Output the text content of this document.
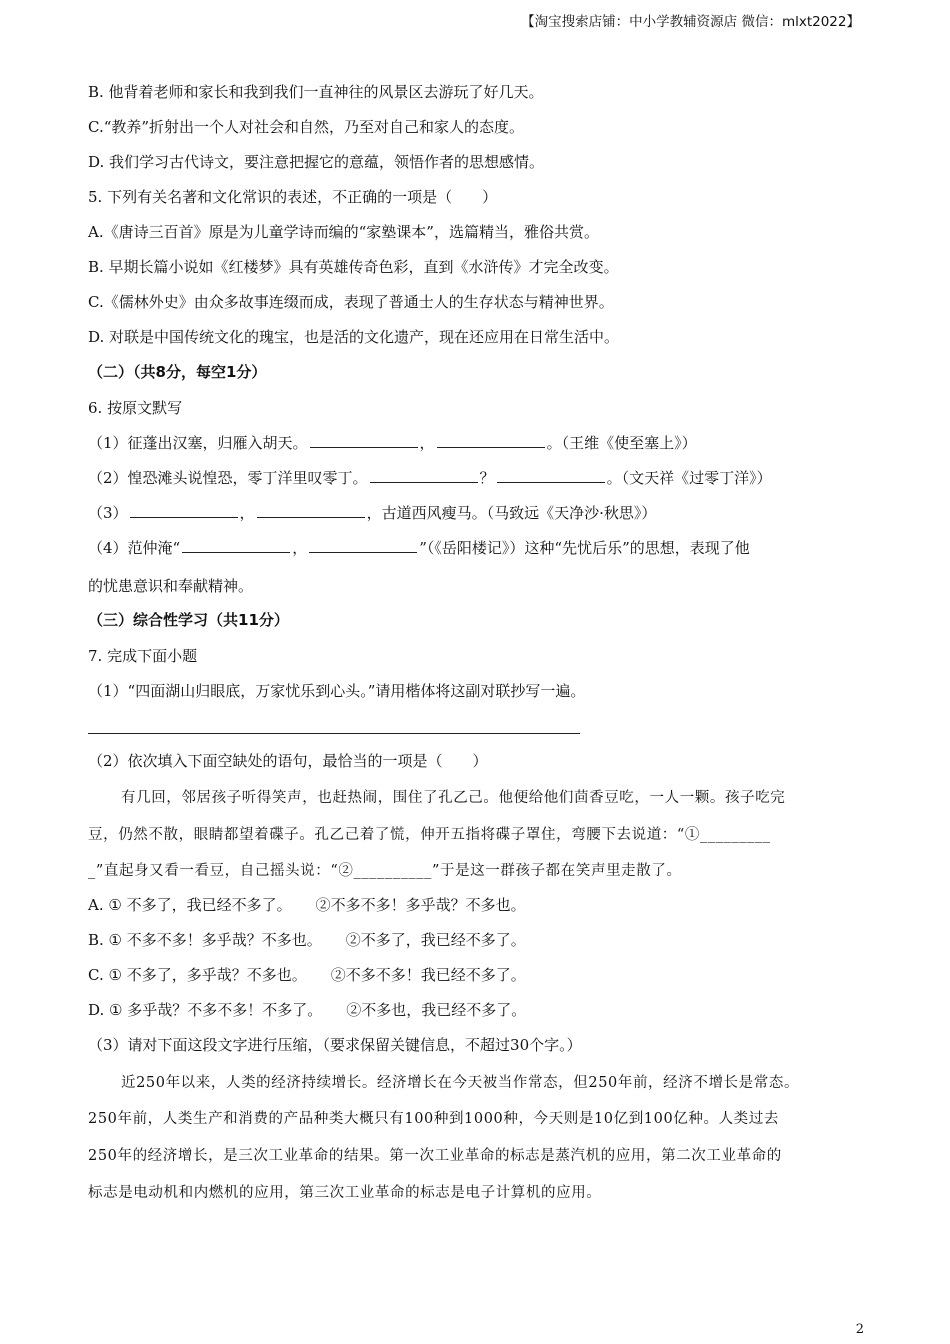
【淘宝搜索店铺：中小学教辅资源店 微信：mlxt2022】
B. 他背着老师和家长和我到我们一直神往的风景区去游玩了好几天。
C.“教养”折射出一个人对社会和自然，乃至对自己和家人的态度。
D. 我们学习古代诗文，要注意把握它的意蕴，领悟作者的思想感情。
5. 下列有关名著和文化常识的表述，不正确的一项是（　　）
A.《唐诗三百首》原是为儿童学诗而编的“家塾课本”，选篇精当，雅俗共赏。
B. 早期长篇小说如《红楼梦》具有英雄传奇色彩，直到《水浒传》才完全改变。
C.《儒林外史》由众多故事连缀而成，表现了普通士人的生存状态与精神世界。
D. 对联是中国传统文化的瑰宝，也是活的文化遗产，现在还应用在日常生活中。
（二）（共8分，每空1分）
6. 按原文默写
（1）征蓬出汉塞，归雁入胡天。	，	。（王维《使至塞上》）
（2）惶恐滩头说惶恐，零丁洋里叹零丁。	？	。（文天祥《过零丁洋》）
（3）	，	，古道西风瘦马。（马致远《天净沙·秋思》）
（4）范仲淹“	，	”（《岳阳楼记》）这种“先忧后乐”的思想，表现了他
的忧患意识和奉献精神。
（三）综合性学习（共11分）
7. 完成下面小题
（1）“四面湖山归眼底，万家忧乐到心头。”请用楷体将这副对联抄写一遍。
（2）依次填入下面空缺处的语句，最恰当的一项是（　　）
有几回，邻居孩子听得笑声，也赶热闹，围住了孔乙己。他便给他们茴香豆吃，一人一颗。孩子吃完
豆，仍然不散，眼睛都望着碟子。孔乙己着了慌，伸开五指将碟子罩住，弯腰下去说道：“①_________
_”直起身又看一看豆，自己摇头说：“②__________”于是这一群孩子都在笑声里走散了。
A. ① 不多了，我已经不多了。 ②不多不多！多乎哉？不多也。
B. ① 不多不多！多乎哉？不多也。 ②不多了，我已经不多了。
C. ① 不多了，多乎哉？不多也。 ②不多不多！我已经不多了。
D. ① 多乎哉？不多不多！不多了。 ②不多也，我已经不多了。
（3）请对下面这段文字进行压缩，（要求保留关键信息，不超过30个字。）
近250年以来，人类的经济持续增长。经济增长在今天被当作常态，但250年前，经济不增长是常态。
250年前，人类生产和消费的产品种类大概只有100种到1000种，今天则是10亿到100亿种。人类过去
250年的经济增长，是三次工业革命的结果。第一次工业革命的标志是蒸汽机的应用，第二次工业革命的
标志是电动机和内燃机的应用，第三次工业革命的标志是电子计算机的应用。
2
